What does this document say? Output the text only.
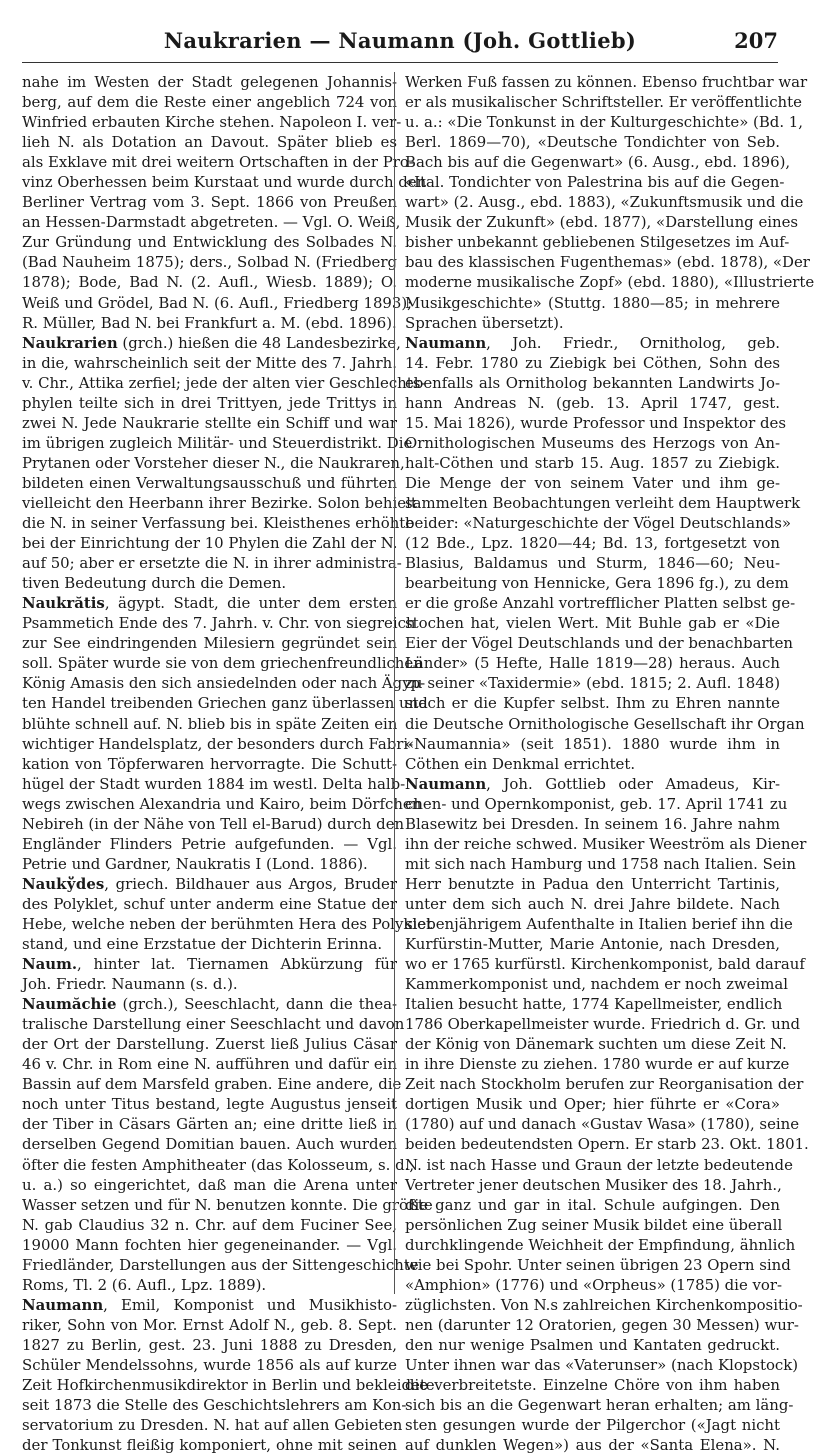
Naukrarien — Naumann (Joh. Gottlieb)	207
nahe im Westen der Stadt gelegenen Johannis-
berg, auf dem die Reste einer angeblich 724 von
Winfried erbauten Kirche stehen. Napoleon I. ver-
lieh N. als Dotation an Davout. Später blieb es
als Exklave mit drei weitern Ortschaften in der Pro-
vinz Oberhessen beim Kurstaat und wurde durch den
Berliner Vertrag vom 3. Sept. 1866 von Preußen
an Hessen-Darmstadt abgetreten. — Vgl. O. Weiß,
Zur Gründung und Entwicklung des Solbades N.
(Bad Nauheim 1875); ders., Solbad N. (Friedberg
1878); Bode, Bad N. (2. Aufl., Wiesb. 1889); O.
Weiß und Grödel, Bad N. (6. Aufl., Friedberg 1893);
R. Müller, Bad N. bei Frankfurt a. M. (ebd. 1896).
Naukrarien (grch.) hießen die 48 Landesbezirke,
in die, wahrscheinlich seit der Mitte des 7. Jahrh.
v. Chr., Attika zerfiel; jede der alten vier Geschlechts-
phylen teilte sich in drei Trittyen, jede Trittys in
zwei N. Jede Naukrarie stellte ein Schiff und war
im übrigen zugleich Militär- und Steuerdistrikt. Die
Prytanen oder Vorsteher dieser N., die Naukraren,
bildeten einen Verwaltungsausschuß und führten
vielleicht den Heerbann ihrer Bezirke. Solon behielt
die N. in seiner Verfassung bei. Kleisthenes erhöhte
bei der Einrichtung der 10 Phylen die Zahl der N.
auf 50; aber er ersetzte die N. in ihrer administra-
tiven Bedeutung durch die Demen.
Naukrătis, ägypt. Stadt, die unter dem ersten
Psammetich Ende des 7. Jahrh. v. Chr. von siegreich
zur See eindringenden Milesiern gegründet sein
soll. Später wurde sie von dem griechenfreundlichen
König Amasis den sich ansiedelnden oder nach Ägyp-
ten Handel treibenden Griechen ganz überlassen und
blühte schnell auf. N. blieb bis in späte Zeiten ein
wichtiger Handelsplatz, der besonders durch Fabri-
kation von Töpferwaren hervorragte. Die Schutt-
hügel der Stadt wurden 1884 im westl. Delta halb-
wegs zwischen Alexandria und Kairo, beim Dörfchen
Nebireh (in der Nähe von Tell el-Barud) durch den
Engländer Flinders Petrie aufgefunden. — Vgl.
Petrie und Gardner, Naukratis I (Lond. 1886).
Naukўdes, griech. Bildhauer aus Argos, Bruder
des Polyklet, schuf unter anderm eine Statue der
Hebe, welche neben der berühmten Hera des Polyklet
stand, und eine Erzstatue der Dichterin Erinna.
Naum., hinter lat. Tiernamen Abkürzung für
Joh. Friedr. Naumann (s. d.).
Naumăchie (grch.), Seeschlacht, dann die thea-
tralische Darstellung einer Seeschlacht und davon
der Ort der Darstellung. Zuerst ließ Julius Cäsar
46 v. Chr. in Rom eine N. aufführen und dafür ein
Bassin auf dem Marsfeld graben. Eine andere, die
noch unter Titus bestand, legte Augustus jenseit
der Tiber in Cäsars Gärten an; eine dritte ließ in
derselben Gegend Domitian bauen. Auch wurden
öfter die festen Amphitheater (das Kolosseum, s. d.,
u. a.) so eingerichtet, daß man die Arena unter
Wasser setzen und für N. benutzen konnte. Die größte
N. gab Claudius 32 n. Chr. auf dem Fuciner See,
19000 Mann fochten hier gegeneinander. — Vgl.
Friedländer, Darstellungen aus der Sittengeschichte
Roms, Tl. 2 (6. Aufl., Lpz. 1889).
Naumann, Emil, Komponist und Musikhisto-
riker, Sohn von Mor. Ernst Adolf N., geb. 8. Sept.
1827 zu Berlin, gest. 23. Juni 1888 zu Dresden,
Schüler Mendelssohns, wurde 1856 als auf kurze
Zeit Hofkirchenmusikdirektor in Berlin und bekleidete
seit 1873 die Stelle des Geschichtslehrers am Kon-
servatorium zu Dresden. N. hat auf allen Gebieten
der Tonkunst fleißig komponiert, ohne mit seinen
Werken Fuß fassen zu können. Ebenso fruchtbar war
er als musikalischer Schriftsteller. Er veröffentlichte
u. a.: «Die Tonkunst in der Kulturgeschichte» (Bd. 1,
Berl. 1869—70), «Deutsche Tondichter von Seb.
Bach bis auf die Gegenwart» (6. Ausg., ebd. 1896),
«Ital. Tondichter von Palestrina bis auf die Gegen-
wart» (2. Ausg., ebd. 1883), «Zukunftsmusik und die
Musik der Zukunft» (ebd. 1877), «Darstellung eines
bisher unbekannt gebliebenen Stilgesetzes im Auf-
bau des klassischen Fugenthemas» (ebd. 1878), «Der
moderne musikalische Zopf» (ebd. 1880), «Illustrierte
Musikgeschichte» (Stuttg. 1880—85; in mehrere
Sprachen übersetzt).
Naumann, Joh. Friedr., Ornitholog, geb.
14. Febr. 1780 zu Ziebigk bei Cöthen, Sohn des
ebenfalls als Ornitholog bekannten Landwirts Jo-
hann Andreas N. (geb. 13. April 1747, gest.
15. Mai 1826), wurde Professor und Inspektor des
Ornithologischen Museums des Herzogs von An-
halt-Cöthen und starb 15. Aug. 1857 zu Ziebigk.
Die Menge der von seinem Vater und ihm ge-
sammelten Beobachtungen verleiht dem Hauptwerk
beider: «Naturgeschichte der Vögel Deutschlands»
(12 Bde., Lpz. 1820—44; Bd. 13, fortgesetzt von
Blasius, Baldamus und Sturm, 1846—60; Neu-
bearbeitung von Hennicke, Gera 1896 fg.), zu dem
er die große Anzahl vortrefflicher Platten selbst ge-
stochen hat, vielen Wert. Mit Buhle gab er «Die
Eier der Vögel Deutschlands und der benachbarten
Länder» (5 Hefte, Halle 1819—28) heraus. Auch
zu seiner «Taxidermie» (ebd. 1815; 2. Aufl. 1848)
stach er die Kupfer selbst. Ihm zu Ehren nannte
die Deutsche Ornithologische Gesellschaft ihr Organ
«Naumannia» (seit 1851). 1880 wurde ihm in
Cöthen ein Denkmal errichtet.
Naumann, Joh. Gottlieb oder Amadeus, Kir-
chen- und Opernkomponist, geb. 17. April 1741 zu
Blasewitz bei Dresden. In seinem 16. Jahre nahm
ihn der reiche schwed. Musiker Weeström als Diener
mit sich nach Hamburg und 1758 nach Italien. Sein
Herr benutzte in Padua den Unterricht Tartinis,
unter dem sich auch N. drei Jahre bildete. Nach
siebenjährigem Aufenthalte in Italien berief ihn die
Kurfürstin-Mutter, Marie Antonie, nach Dresden,
wo er 1765 kurfürstl. Kirchenkomponist, bald darauf
Kammerkomponist und, nachdem er noch zweimal
Italien besucht hatte, 1774 Kapellmeister, endlich
1786 Oberkapellmeister wurde. Friedrich d. Gr. und
der König von Dänemark suchten um diese Zeit N.
in ihre Dienste zu ziehen. 1780 wurde er auf kurze
Zeit nach Stockholm berufen zur Reorganisation der
dortigen Musik und Oper; hier führte er «Cora»
(1780) auf und danach «Gustav Wasa» (1780), seine
beiden bedeutendsten Opern. Er starb 23. Okt. 1801.
N. ist nach Hasse und Graun der letzte bedeutende
Vertreter jener deutschen Musiker des 18. Jahrh.,
die ganz und gar in ital. Schule aufgingen. Den
persönlichen Zug seiner Musik bildet eine überall
durchklingende Weichheit der Empfindung, ähnlich
wie bei Spohr. Unter seinen übrigen 23 Opern sind
«Amphion» (1776) und «Orpheus» (1785) die vor-
züglichsten. Von N.s zahlreichen Kirchenkompositio-
nen (darunter 12 Oratorien, gegen 30 Messen) wur-
den nur wenige Psalmen und Kantaten gedruckt.
Unter ihnen war das «Vaterunser» (nach Klopstock)
die verbreitetste. Einzelne Chöre von ihm haben
sich bis an die Gegenwart heran erhalten; am läng-
sten gesungen wurde der Pilgerchor («Jagt nicht
auf dunklen Wegen») aus der «Santa Elena». N.
